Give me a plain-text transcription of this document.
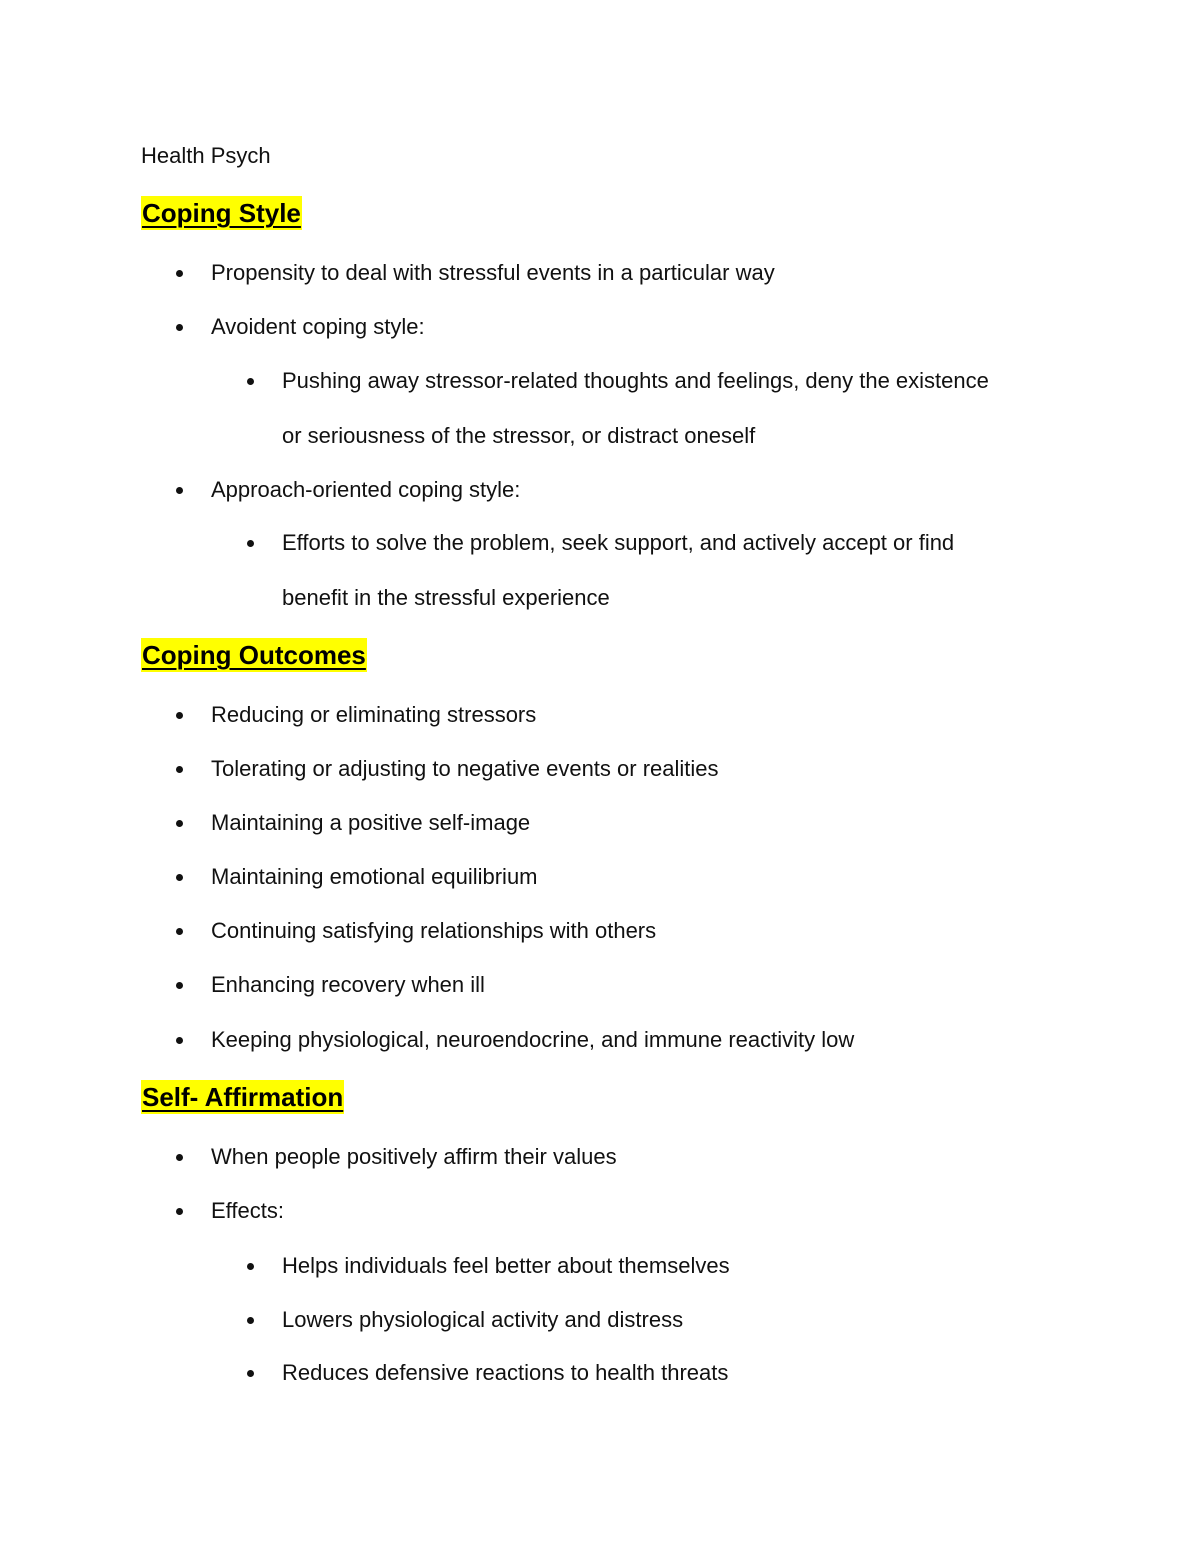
Health Psych
Coping Style
Propensity to deal with stressful events in a particular way
Avoident coping style:
Pushing away stressor-related thoughts and feelings, deny the existence
or seriousness of the stressor, or distract oneself
Approach-oriented coping style:
Efforts to solve the problem, seek support, and actively accept or find
benefit in the stressful experience
Coping Outcomes
Reducing or eliminating stressors
Tolerating or adjusting to negative events or realities
Maintaining a positive self-image
Maintaining emotional equilibrium
Continuing satisfying relationships with others
Enhancing recovery when ill
Keeping physiological, neuroendocrine, and immune reactivity low
Self- Affirmation
When people positively affirm their values
Effects:
Helps individuals feel better about themselves
Lowers physiological activity and distress
Reduces defensive reactions to health threats
